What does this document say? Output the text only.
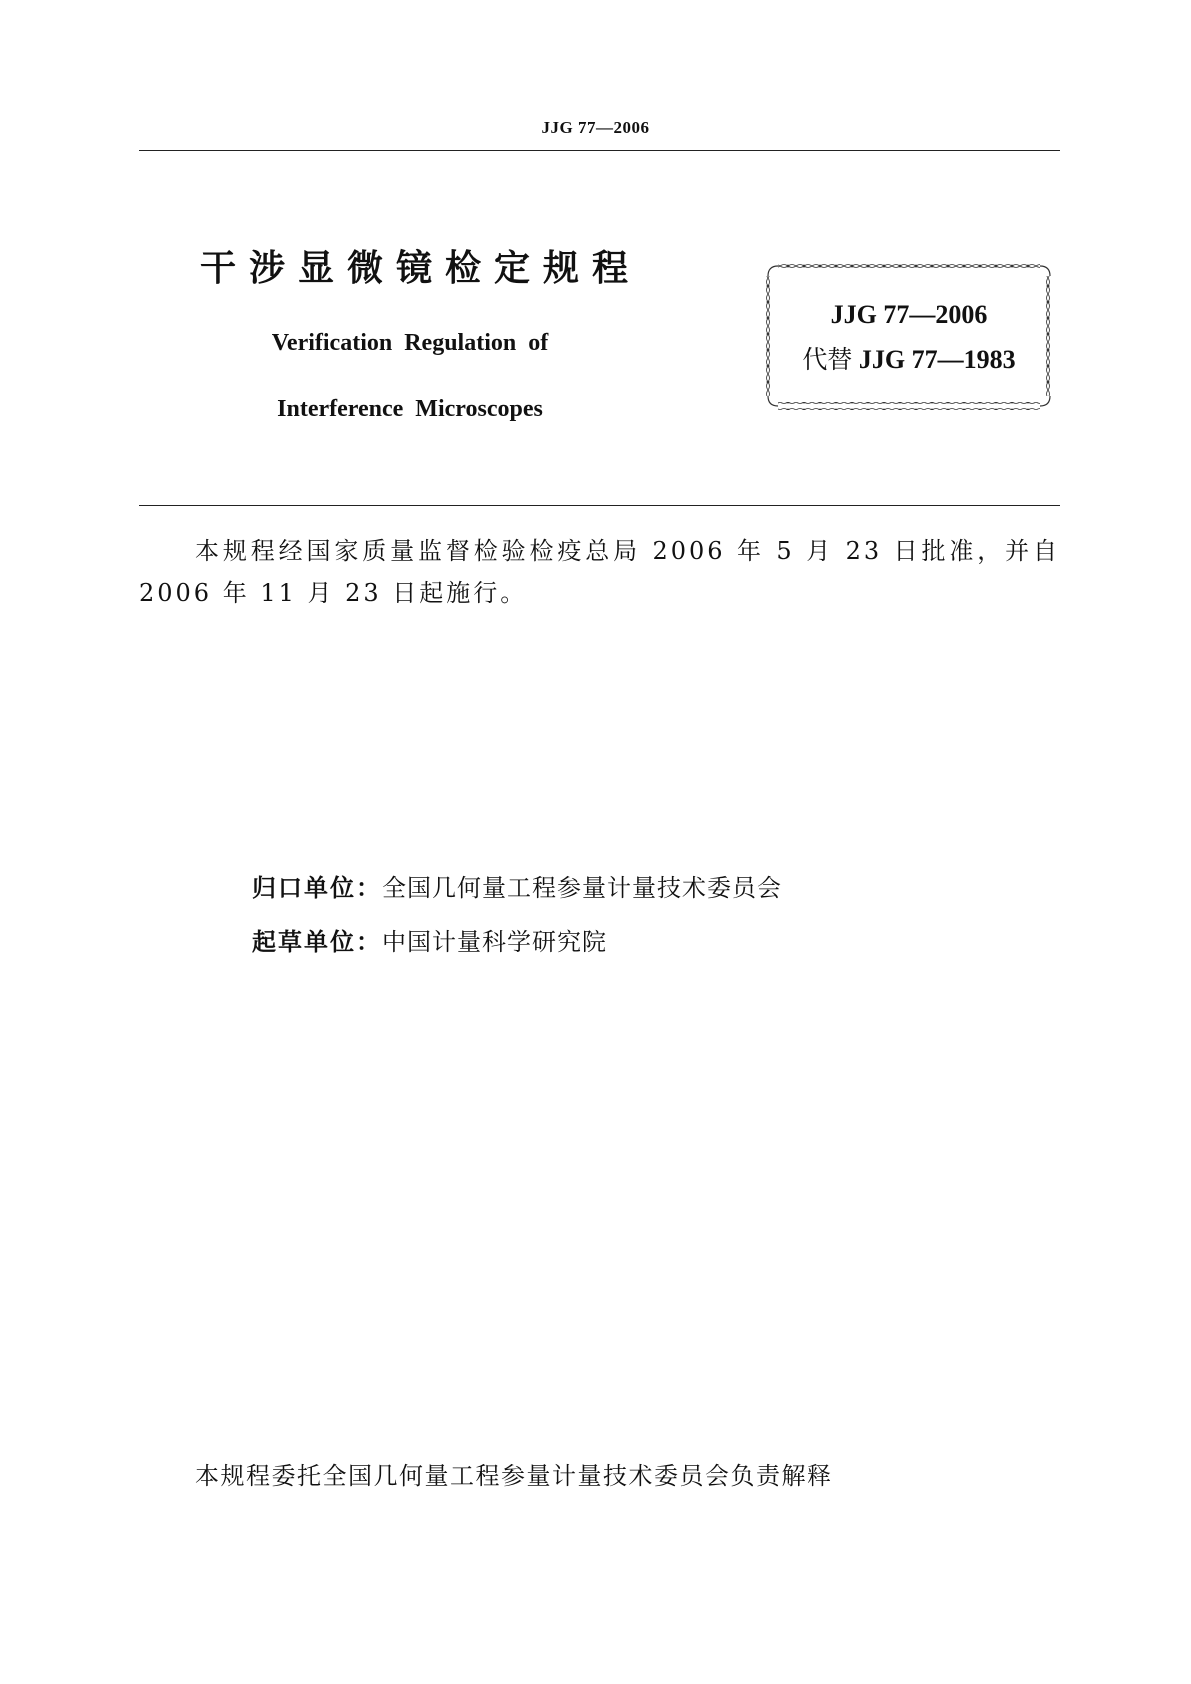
JJG 77—2006
干涉显微镜检定规程
Verification Regulation of
Interference Microscopes
JJG 77—2006
代替 JJG 77—1983
本规程经国家质量监督检验检疫总局 2006 年 5 月 23 日批准，并自 2006 年 11 月 23 日起施行。
归口单位：全国几何量工程参量计量技术委员会
起草单位：中国计量科学研究院
本规程委托全国几何量工程参量计量技术委员会负责解释
